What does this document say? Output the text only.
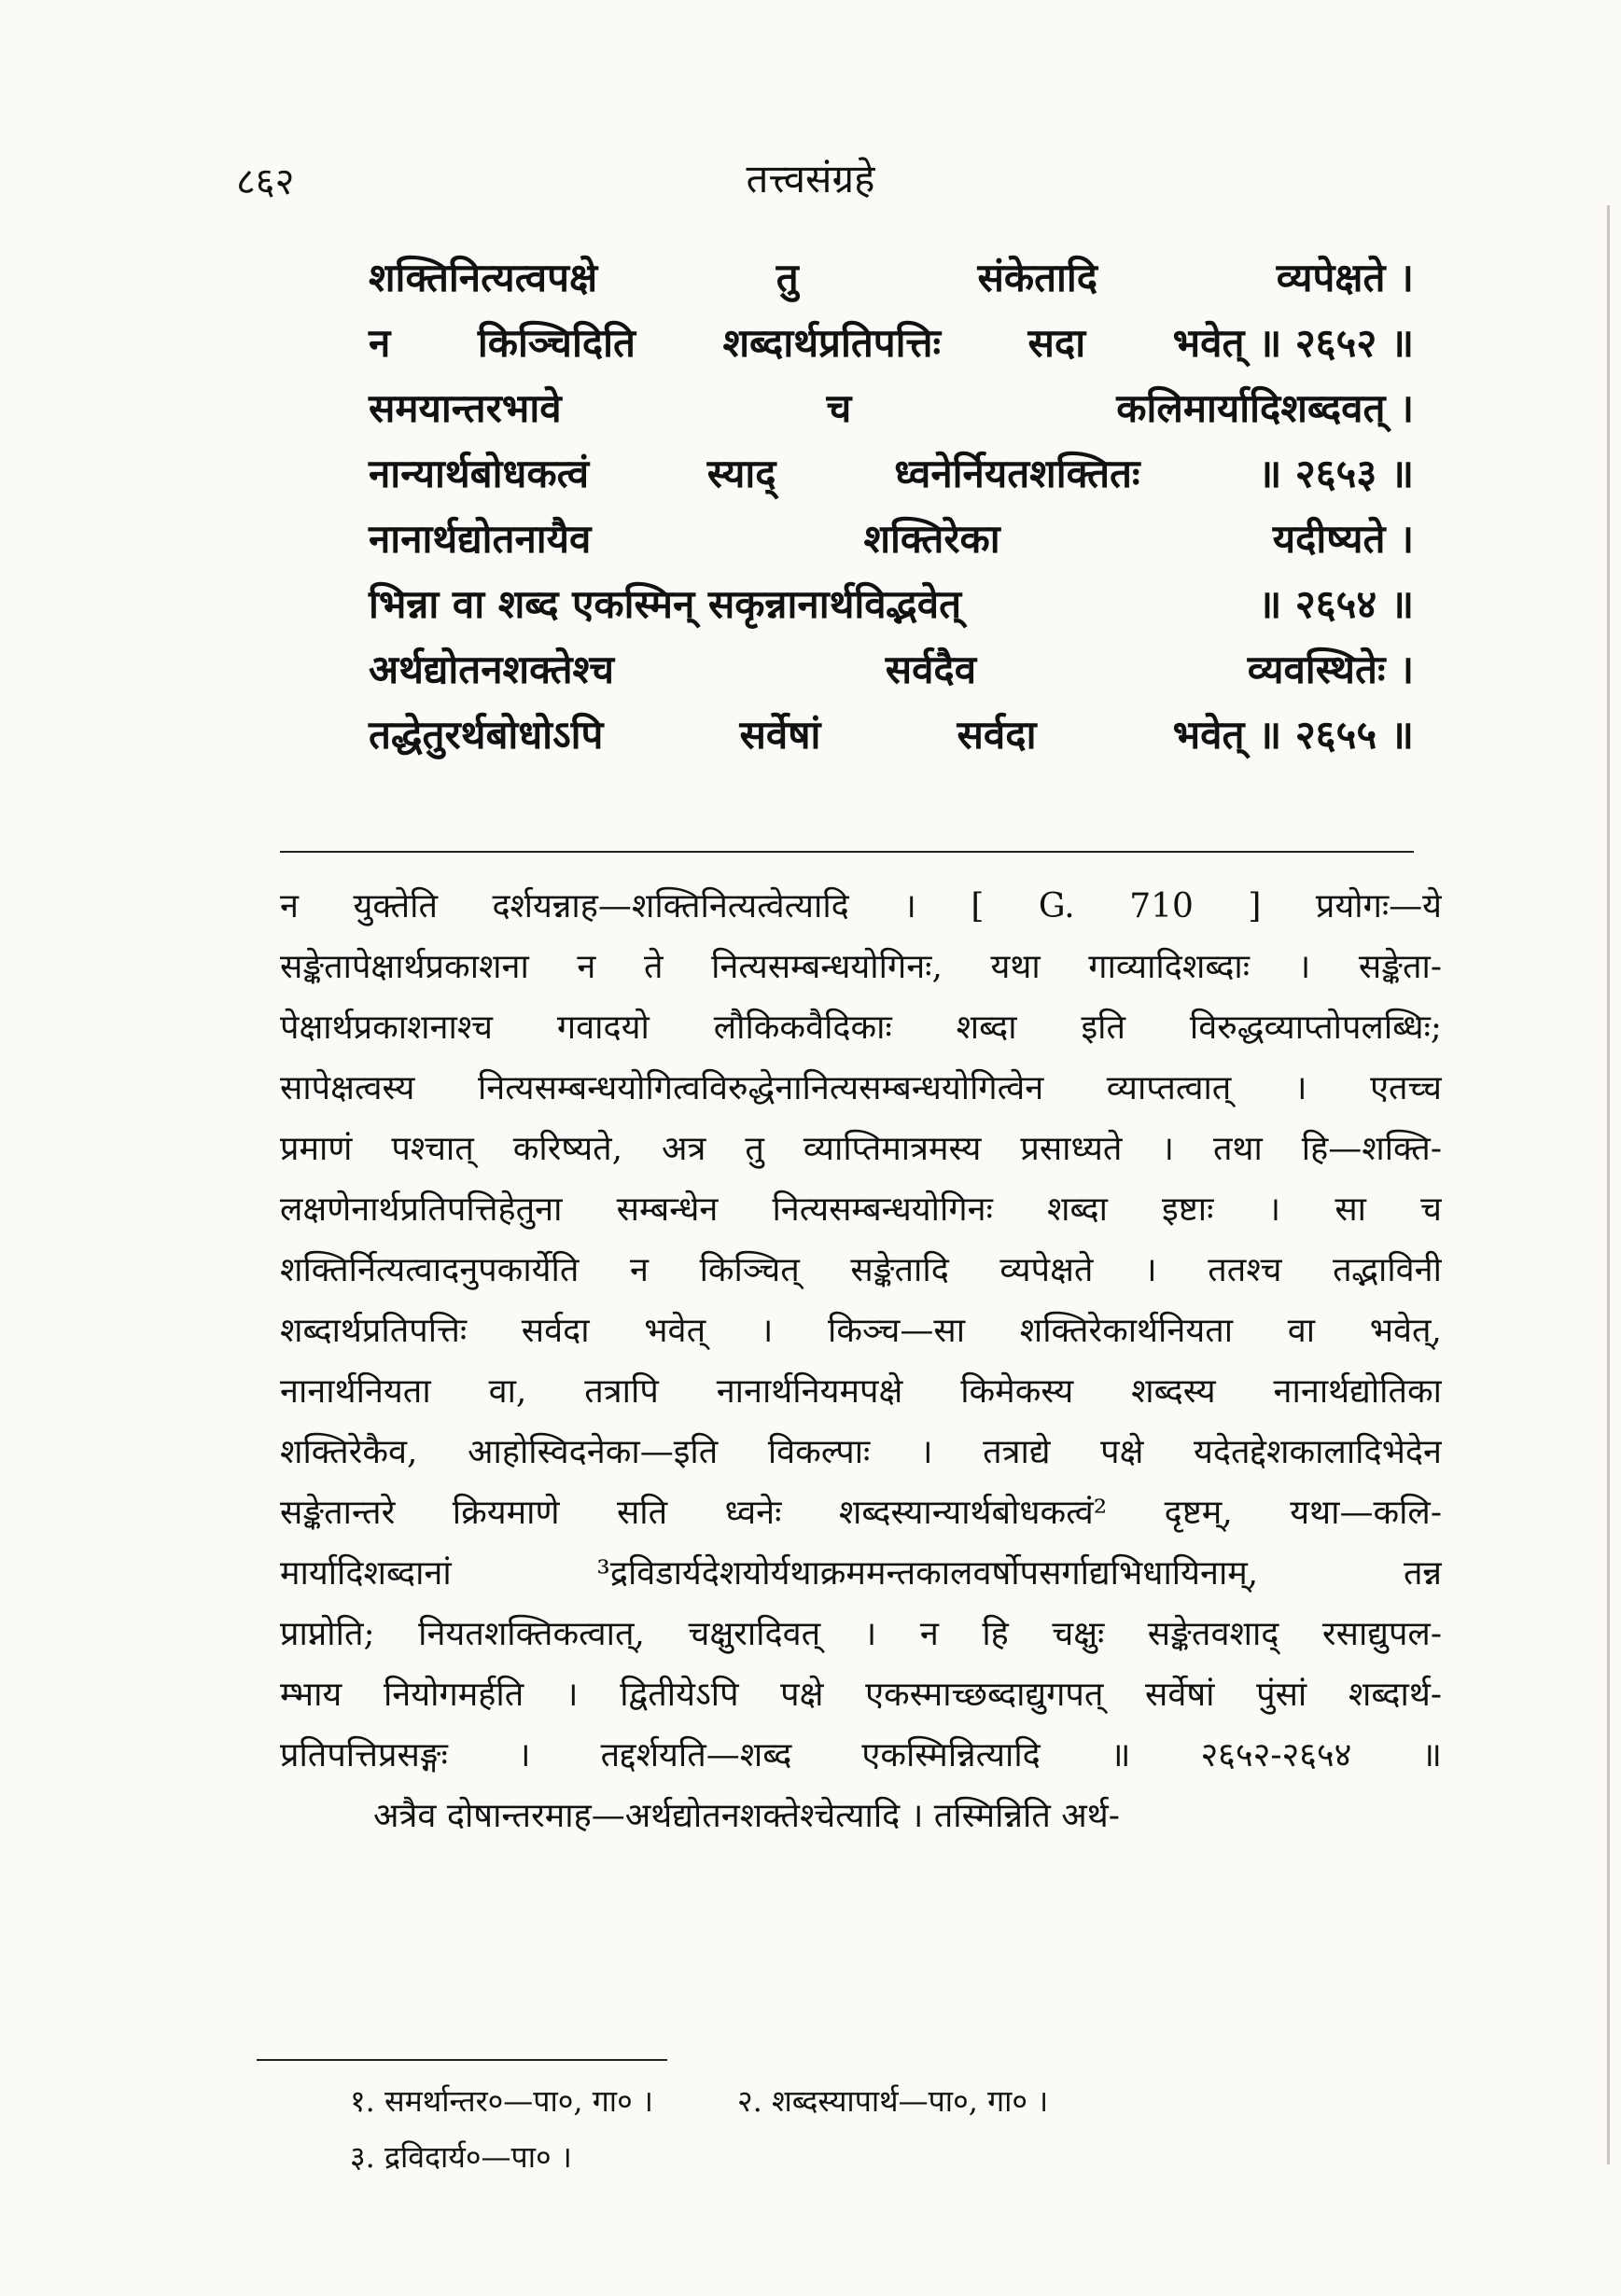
८६२	तत्त्वसंग्रहे
शक्तिनित्यत्वपक्षे	तु	संकेतादि	व्यपेक्षते ।
न किञ्चिदिति शब्दार्थप्रतिपत्तिः सदा भवेत् ॥ २६५२ ॥
समयान्तरभावे	च	कलिमार्यादिशब्दवत् ।
नान्यार्थबोधकत्वं	स्याद्	ध्वनेर्नियतशक्तितः	॥ २६५३ ॥
नानार्थद्योतनायैव	शक्तिरेका	यदीष्यते ।
भिन्ना वा शब्द एकस्मिन् सकृन्नानार्थविद्भवेत्	॥ २६५४ ॥
अर्थद्योतनशक्तेश्च	सर्वदैव	व्यवस्थितेः ।
तद्धेतुरर्थबोधोऽपि	सर्वेषां	सर्वदा	भवेत् ॥ २६५५ ॥
न युक्तेति दर्शयन्नाह—शक्तिनित्यत्वेत्यादि । [ G. 710 ] प्रयोगः—ये
सङ्केतापेक्षार्थप्रकाशना न ते नित्यसम्बन्धयोगिनः, यथा गाव्यादिशब्दाः । सङ्केता-
पेक्षार्थप्रकाशनाश्च गवादयो लौकिकवैदिकाः शब्दा इति विरुद्धव्याप्तोपलब्धिः;
सापेक्षत्वस्य नित्यसम्बन्धयोगित्वविरुद्धेनानित्यसम्बन्धयोगित्वेन व्याप्तत्वात् । एतच्च
प्रमाणं पश्चात् करिष्यते, अत्र तु व्याप्तिमात्रमस्य प्रसाध्यते । तथा हि—शक्ति-
लक्षणेनार्थप्रतिपत्तिहेतुना सम्बन्धेन नित्यसम्बन्धयोगिनः शब्दा इष्टाः । सा च
शक्तिर्नित्यत्वादनुपकार्येति न किञ्चित् सङ्केतादि व्यपेक्षते । ततश्च तद्भाविनी
शब्दार्थप्रतिपत्तिः सर्वदा भवेत् । किञ्च—सा शक्तिरेकार्थनियता वा भवेत्,
नानार्थनियता वा, तत्रापि नानार्थनियमपक्षे किमेकस्य शब्दस्य नानार्थद्योतिका
शक्तिरेकैव, आहोस्विदनेका—इति विकल्पाः । तत्राद्ये पक्षे यदेतद्देशकालादिभेदेन
सङ्केतान्तरे क्रियमाणे सति ध्वनेः शब्दस्यान्यार्थबोधकत्वं² दृष्टम्, यथा—कलि-
मार्यादिशब्दानां ³द्रविडार्यदेशयोर्यथाक्रममन्तकालवर्षोपसर्गाद्यभिधायिनाम्, तन्न
प्राप्नोति; नियतशक्तिकत्वात्, चक्षुरादिवत् । न हि चक्षुः सङ्केतवशाद् रसाद्युपल-
म्भाय नियोगमर्हति । द्वितीयेऽपि पक्षे एकस्माच्छब्दाद्युगपत् सर्वेषां पुंसां शब्दार्थ-
प्रतिपत्तिप्रसङ्गः । तद्दर्शयति—शब्द एकस्मिन्नित्यादि ॥ २६५२-२६५४ ॥
अत्रैव दोषान्तरमाह—अर्थद्योतनशक्तेश्चेत्यादि । तस्मिन्निति अर्थ-
१. समर्थान्तर०—पा०, गा० ।	२. शब्दस्यापार्थ—पा०, गा० ।
३. द्रविदार्य०—पा० ।
